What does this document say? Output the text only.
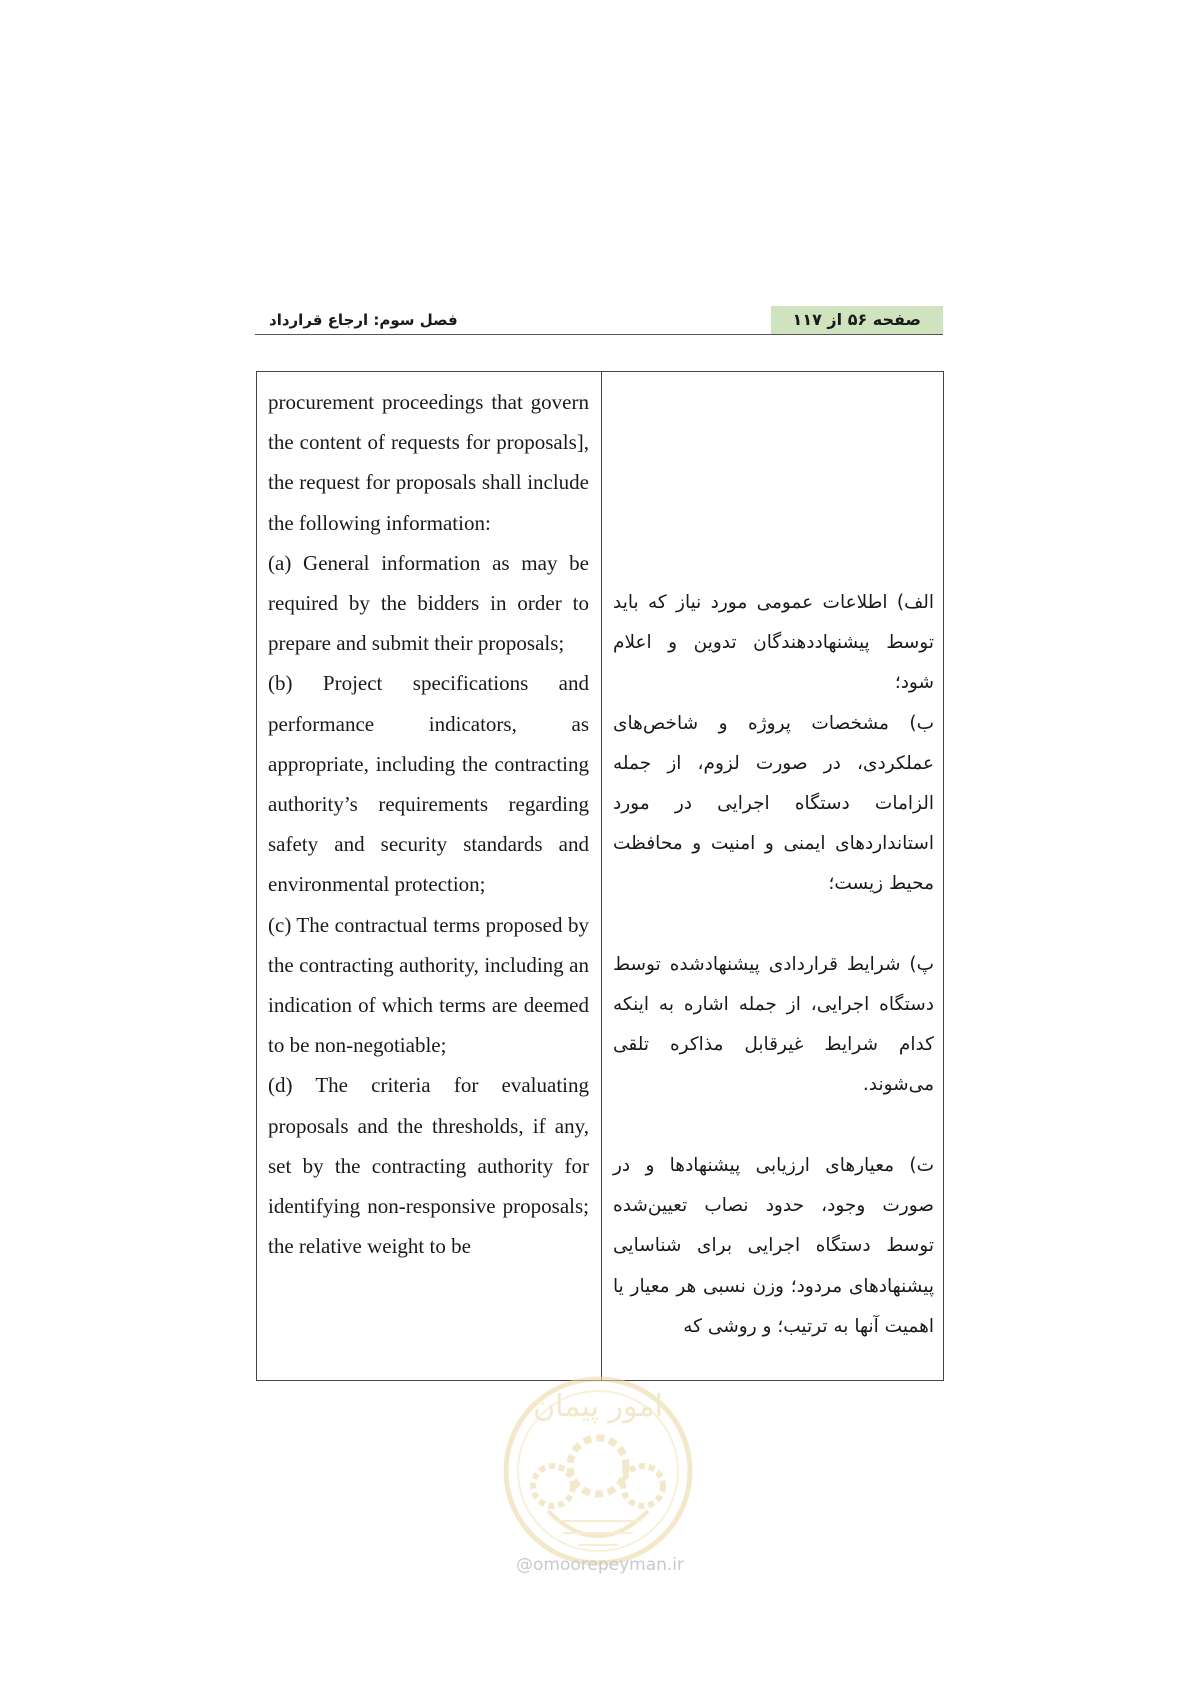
فصل سوم: ارجاع قرارداد	صفحه ۵۶ از ۱۱۷

procurement proceedings that govern the content of requests for proposals], the request for proposals shall include the following information:

(a) General information as may be required by the bidders in order to prepare and submit their proposals;

(b) Project specifications and performance indicators, as appropriate, including the contracting authority’s requirements regarding safety and security standards and environmental protection;

(c) The contractual terms proposed by the contracting authority, including an indication of which terms are deemed to be non-negotiable;

(d) The criteria for evaluating proposals and the thresholds, if any, set by the contracting authority for identifying non-responsive proposals; the relative weight to be

الف) اطلاعات عمومی مورد نیاز که باید توسط پیشنهاددهندگان تدوین و اعلام شود؛

ب) مشخصات پروژه و شاخص‌های عملکردی، در صورت لزوم، از جمله الزامات دستگاه اجرایی در مورد استانداردهای ایمنی و امنیت و محافظت محیط زیست؛

پ) شرایط قراردادی پیشنهادشده توسط دستگاه اجرایی، از جمله اشاره به اینکه کدام شرایط غیرقابل مذاکره تلقی می‌شوند.

ت) معیارهای ارزیابی پیشنهادها و در صورت وجود، حدود نصاب تعیین‌شده توسط دستگاه اجرایی برای شناسایی پیشنهادهای مردود؛ وزن نسبی هر معیار یا اهمیت آنها به ترتیب؛ و روشی که

امور پیمان
@omoorepeyman.ir
